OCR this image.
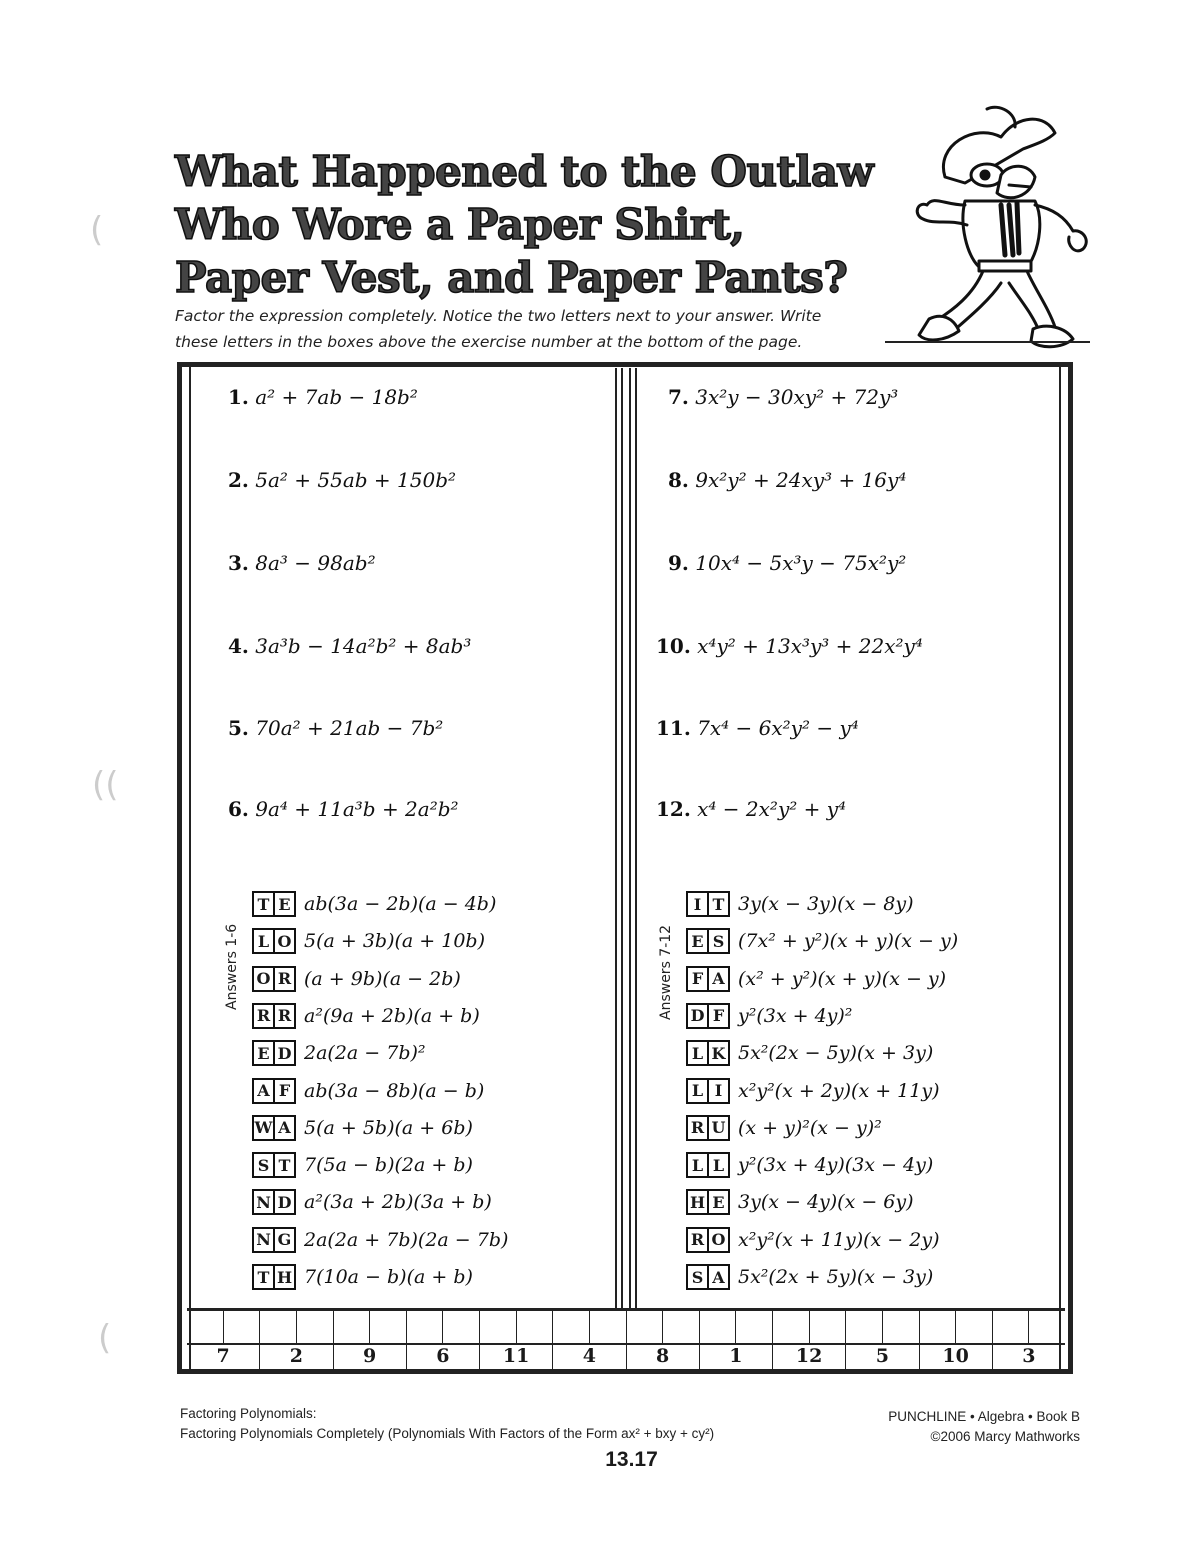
(
((
(
What Happened to the Outlaw
Who Wore a Paper Shirt,
Paper Vest, and Paper Pants?
Factor the expression completely. Notice the two letters next to your answer. Write
these letters in the boxes above the exercise number at the bottom of the page.
1. a² + 7ab − 18b²
2. 5a² + 55ab + 150b²
3. 8a³ − 98ab²
4. 3a³b − 14a²b² + 8ab³
5. 70a² + 21ab − 7b²
6. 9a⁴ + 11a³b + 2a²b²
7. 3x²y − 30xy² + 72y³
8. 9x²y² + 24xy³ + 16y⁴
9. 10x⁴ − 5x³y − 75x²y²
10. x⁴y² + 13x³y³ + 22x²y⁴
11. 7x⁴ − 6x²y² − y⁴
12. x⁴ − 2x²y² + y⁴
Answers 1-6	Answers 7-12
T E ab(3a − 2b)(a − 4b)
L O 5(a + 3b)(a + 10b)
O R (a + 9b)(a − 2b)
R R a²(9a + 2b)(a + b)
E D 2a(2a − 7b)²
A F ab(3a − 8b)(a − b)
W A 5(a + 5b)(a + 6b)
S T 7(5a − b)(2a + b)
N D a²(3a + 2b)(3a + b)
N G 2a(2a + 7b)(2a − 7b)
T H 7(10a − b)(a + b)
I T 3y(x − 3y)(x − 8y)
E S (7x² + y²)(x + y)(x − y)
F A (x² + y²)(x + y)(x − y)
D F y²(3x + 4y)²
L K 5x²(2x − 5y)(x + 3y)
L I x²y²(x + 2y)(x + 11y)
R U (x + y)²(x − y)²
L L y²(3x + 4y)(3x − 4y)
H E 3y(x − 4y)(x − 6y)
R O x²y²(x + 11y)(x − 2y)
S A 5x²(2x + 5y)(x − 3y)
7	2	9	6	11	4	8	1	12	5	10	3
Factoring Polynomials:
Factoring Polynomials Completely (Polynomials With Factors of the Form ax² + bxy + cy²)
PUNCHLINE • Algebra • Book B
©2006 Marcy Mathworks
13.17
